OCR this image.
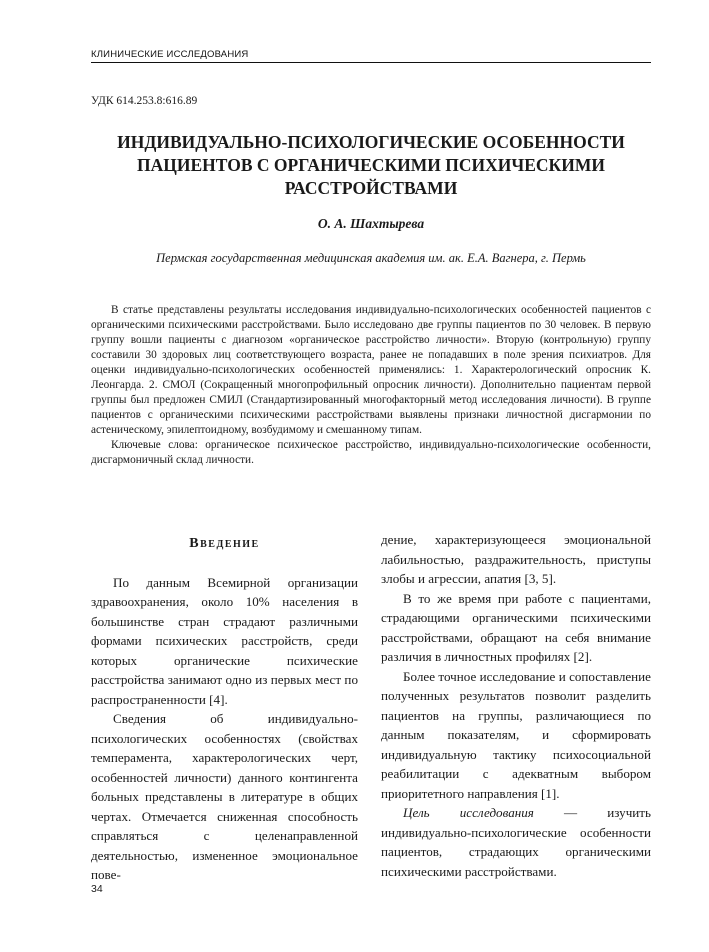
КЛИНИЧЕСКИЕ ИССЛЕДОВАНИЯ
УДК 614.253.8:616.89
ИНДИВИДУАЛЬНО-ПСИХОЛОГИЧЕСКИЕ ОСОБЕННОСТИ
ПАЦИЕНТОВ С ОРГАНИЧЕСКИМИ ПСИХИЧЕСКИМИ
РАССТРОЙСТВАМИ
О. А. Шахтырева
Пермская государственная медицинская академия им. ак. Е.А. Вагнера, г. Пермь

В статье представлены результаты исследования индивидуально-психологических особенностей пациентов с органическими психическими расстройствами. Было исследовано две группы пациентов по 30 человек. В первую группу вошли пациенты с диагнозом «органическое расстройство личности». Вторую (контрольную) группу составили 30 здоровых лиц соответствующего возраста, ранее не попадавших в поле зрения психиатров. Для оценки индивидуально-психологических особенностей применялись: 1. Характерологический опросник К. Леонгарда. 2. СМОЛ (Сокращенный многопрофильный опросник личности). Дополнительно пациентам первой группы был предложен СМИЛ (Стандартизированный многофакторный метод исследования личности). В группе пациентов с органическими психическими расстройствами выявлены признаки личностной дисгармонии по астеническому, эпилептоидному, возбудимому и смешанному типам.

Ключевые слова: органическое психическое расстройство, индивидуально-психологические особенности, дисгармоничный склад личности.

Введение

По данным Всемирной организации здравоохранения, около 10% населения в большинстве стран страдают различными формами психических расстройств, среди которых органические психические расстройства занимают одно из первых мест по распространенности [4].

Сведения об индивидуально-психологических особенностях (свойствах темперамента, характерологических черт, особенностей личности) данного контингента больных представлены в литературе в общих чертах. Отмечается сниженная способность справляться с целенаправленной деятельностью, измененное эмоциональное пове-

дение, характеризующееся эмоциональной лабильностью, раздражительность, приступы злобы и агрессии, апатия [3, 5].

В то же время при работе с пациентами, страдающими органическими психическими расстройствами, обращают на себя внимание различия в личностных профилях [2].

Более точное исследование и сопоставление полученных результатов позволит разделить пациентов на группы, различающиеся по данным показателям, и сформировать индивидуальную тактику психосоциальной реабилитации с адекватным выбором приоритетного направления [1].

Цель исследования — изучить индивидуально-психологические особенности пациентов, страдающих органическими психическими расстройствами.

34
